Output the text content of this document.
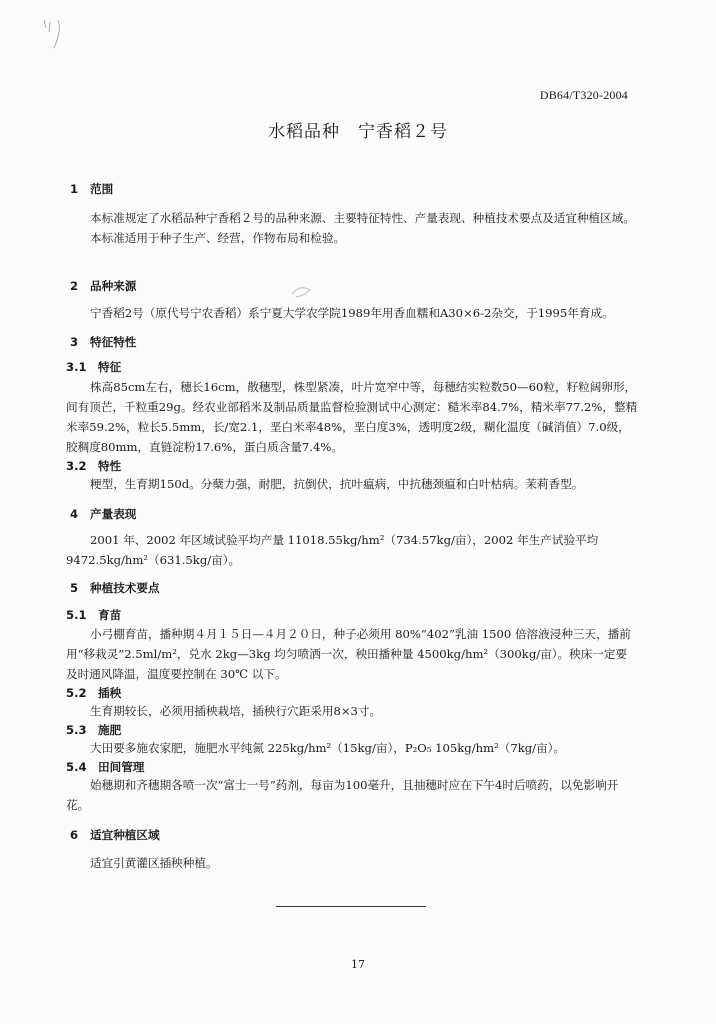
DB64/T320-2004
水稻品种　宁香稻２号
1 范围

本标准规定了水稻品种宁香稻２号的品种来源、主要特征特性、产量表现、种植技术要点及适宜种植区域。

本标准适用于种子生产、经营，作物布局和检验。

2 品种来源

宁香稻2号（原代号宁农香稻）系宁夏大学农学院1989年用香血糯和A30×6-2杂交，于1995年育成。

3 特征特性
3.1 特征

株高85cm左右，穗长16cm，散穗型，株型紧凑，叶片宽窄中等，每穗结实粒数50—60粒，籽粒阔卵形，间有顶芒，千粒重29g。经农业部稻米及制品质量监督检验测试中心测定：糙米率84.7%，精米率77.2%，整精米率59.2%，粒长5.5mm，长/宽2.1，垩白米率48%，垩白度3%，透明度2级，糊化温度（碱消值）7.0级，胶稠度80mm，直链淀粉17.6%，蛋白质含量7.4%。

3.2 特性

粳型，生育期150d。分蘖力强，耐肥，抗倒伏，抗叶瘟病，中抗穗颈瘟和白叶枯病。茉莉香型。

4 产量表现

2001 年、2002 年区域试验平均产量 11018.55kg/hm²（734.57kg/亩），2002 年生产试验平均9472.5kg/hm²（631.5kg/亩）。

5 种植技术要点
5.1 育苗

小弓棚育苗，播种期４月１５日—４月２０日，种子必须用 80%“402”乳油 1500 倍溶液浸种三天，播前用“移栽灵”2.5ml/m²，兑水 2kg—3kg 均匀喷洒一次，秧田播种量 4500kg/hm²（300kg/亩）。秧床一定要及时通风降温，温度要控制在 30℃ 以下。

5.2 插秧

生育期较长，必须用插秧栽培，插秧行穴距采用8×3寸。

5.3 施肥

大田要多施农家肥，施肥水平纯氮 225kg/hm²（15kg/亩），P₂O₅ 105kg/hm²（7kg/亩）。

5.4 田间管理

始穗期和齐穗期各喷一次“富士一号”药剂，每亩为100毫升，且抽穗时应在下午4时后喷药，以免影响开花。

6 适宜种植区域

适宜引黄灌区插秧种植。

17
